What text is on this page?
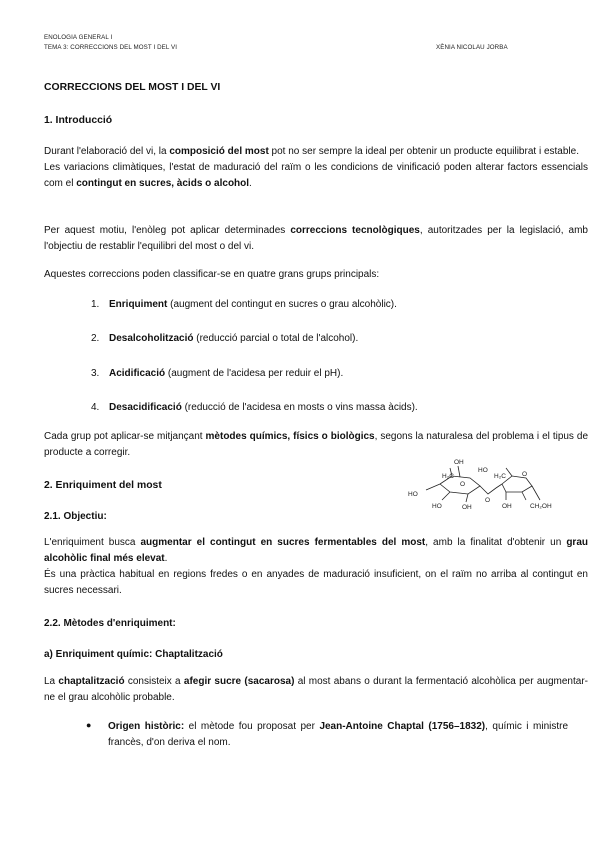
ENOLOGIA GENERAL I
TEMA 3: CORRECCIONS DEL MOST I DEL VI	XÈNIA NICOLAU JORBA
CORRECCIONS DEL MOST I DEL VI
1. Introducció
Durant l'elaboració del vi, la composició del most pot no ser sempre la ideal per obtenir un producte equilibrat i estable.
Les variacions climàtiques, l'estat de maduració del raïm o les condicions de vinificació poden alterar factors essencials com el contingut en sucres, àcids o alcohol.
Per aquest motiu, l'enòleg pot aplicar determinades correccions tecnològiques, autoritzades per la legislació, amb l'objectiu de restablir l'equilibri del most o del vi.
Aquestes correccions poden classificar-se en quatre grans grups principals:
1. Enriquiment (augment del contingut en sucres o grau alcohòlic).
2. Desalcoholització (reducció parcial o total de l'alcohol).
3. Acidificació (augment de l'acidesa per reduir el pH).
4. Desacidificació (reducció de l'acidesa en mosts o vins massa àcids).
Cada grup pot aplicar-se mitjançant mètodes químics, físics o biològics, segons la naturalesa del problema i el tipus de producte a corregir.
OH
H₂C
HO
HO	OH
O
HO
H₂C O
OH	CH₂OH
O
2. Enriquiment del most
2.1. Objectiu:
L'enriquiment busca augmentar el contingut en sucres fermentables del most, amb la finalitat d'obtenir un grau alcohòlic final més elevat.
És una pràctica habitual en regions fredes o en anyades de maduració insuficient, on el raïm no arriba al contingut en sucres necessari.
2.2. Mètodes d'enriquiment:
a) Enriquiment químic: Chaptalització
La chaptalització consisteix a afegir sucre (sacarosa) al most abans o durant la fermentació alcohòlica per augmentar-ne el grau alcohòlic probable.
●	Origen històric: el mètode fou proposat per Jean-Antoine Chaptal (1756–1832), químic i ministre francès, d'on deriva el nom.
